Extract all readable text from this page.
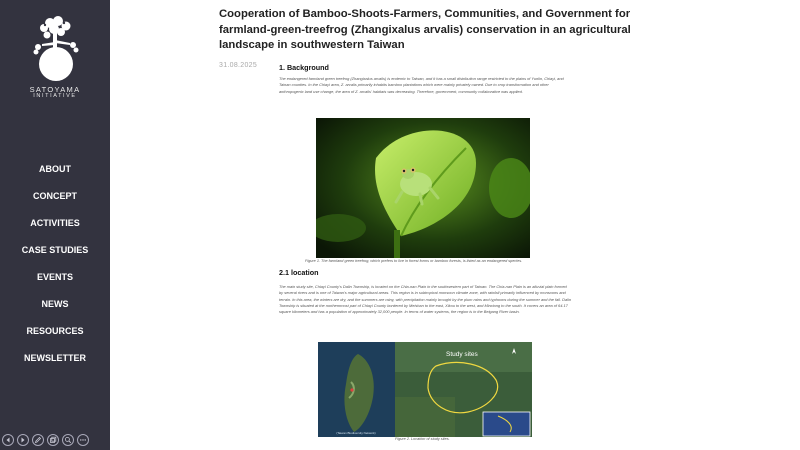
SATOYAMA
INITIATIVE
ABOUT
CONCEPT
ACTIVITIES
CASE STUDIES
EVENTS
NEWS
RESOURCES
NEWSLETTER
Cooperation of Bamboo-Shoots-Farmers, Communities, and Government for farmland-green-treefrog (Zhangixalus arvalis) conservation in an agricultural landscape in southwestern Taiwan
31.08.2025	1. Background

The endangered farmland green treefrog (Zhangixalus arvalis) is endemic to Taiwan, and it has a small distribution range restricted to the plains of Yunlin, Chiayi, and Tainan counties. In the Chiayi area, Z. arvalis primarily inhabits bamboo plantations which were mainly privately owned. Due to crop transformation and other anthropogenic land use change, the area of Z. arvalis' habitats was decreasing. Therefore, government, community collaborative was applied.

Figure 1. The farmland green treefrog, which prefers to live in forest forms or bamboo forests, is listed as an endangered species.
2.1 location

The main study site, Chiayi County's Dalin Township, is located on the Chia-nan Plain in the southwestern part of Taiwan. The Chia-nan Plain is an alluvial plain formed by several rivers and is one of Taiwan's major agricultural areas. This region is in subtropical monsoon climate zone, with rainfall primarily influenced by monsoons and terrain. In this area, the winters are dry, and the summers are rainy, with precipitation mainly brought by the plum rains and typhoons during the summer and the fall. Dalin Township is situated at the northernmost part of Chiayi County bordered by Meishan to the east, Xikou to the west, and Minxiong to the south. It covers an area of 64.17 square kilometers and has a population of approximately 32,000 people. In terms of water systems, the region is in the Beigang River basin.

(Taiwan Biodiversity Network)
Study sites
Figure 2. Location of study sites.
